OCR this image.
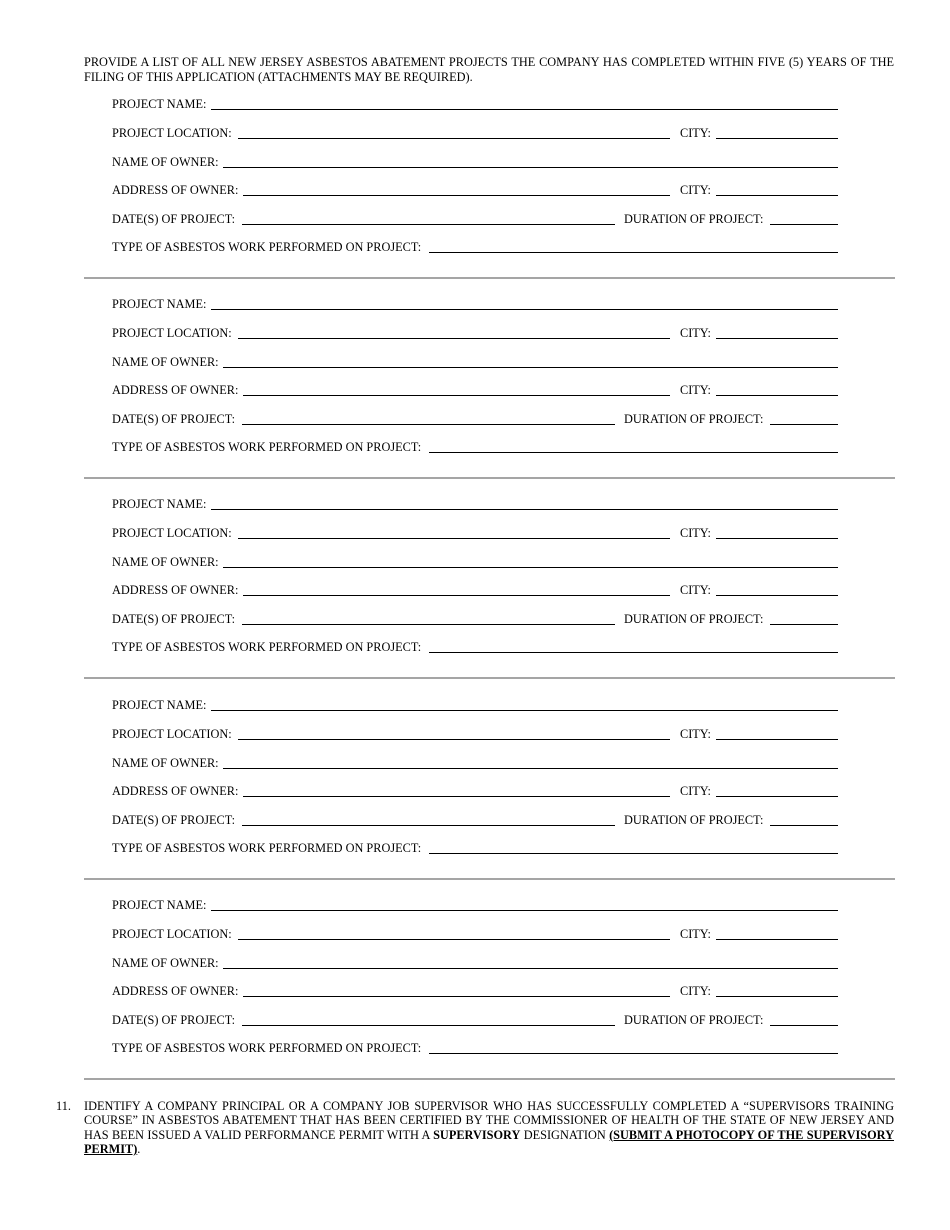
PROVIDE A LIST OF ALL NEW JERSEY ASBESTOS ABATEMENT PROJECTS THE COMPANY HAS COMPLETED WITHIN FIVE (5) YEARS OF THE FILING OF THIS APPLICATION (ATTACHMENTS MAY BE REQUIRED).
PROJECT NAME:
PROJECT LOCATION:	CITY:
NAME OF OWNER:
ADDRESS OF OWNER:	CITY:
DATE(S) OF PROJECT:	DURATION OF PROJECT:
TYPE OF ASBESTOS WORK PERFORMED ON PROJECT:
PROJECT NAME:
PROJECT LOCATION:	CITY:
NAME OF OWNER:
ADDRESS OF OWNER:	CITY:
DATE(S) OF PROJECT:	DURATION OF PROJECT:
TYPE OF ASBESTOS WORK PERFORMED ON PROJECT:
PROJECT NAME:
PROJECT LOCATION:	CITY:
NAME OF OWNER:
ADDRESS OF OWNER:	CITY:
DATE(S) OF PROJECT:	DURATION OF PROJECT:
TYPE OF ASBESTOS WORK PERFORMED ON PROJECT:
PROJECT NAME:
PROJECT LOCATION:	CITY:
NAME OF OWNER:
ADDRESS OF OWNER:	CITY:
DATE(S) OF PROJECT:	DURATION OF PROJECT:
TYPE OF ASBESTOS WORK PERFORMED ON PROJECT:
PROJECT NAME:
PROJECT LOCATION:	CITY:
NAME OF OWNER:
ADDRESS OF OWNER:	CITY:
DATE(S) OF PROJECT:	DURATION OF PROJECT:
TYPE OF ASBESTOS WORK PERFORMED ON PROJECT:
11. IDENTIFY A COMPANY PRINCIPAL OR A COMPANY JOB SUPERVISOR WHO HAS SUCCESSFULLY COMPLETED A “SUPERVISORS TRAINING COURSE” IN ASBESTOS ABATEMENT THAT HAS BEEN CERTIFIED BY THE COMMISSIONER OF HEALTH OF THE STATE OF NEW JERSEY AND HAS BEEN ISSUED A VALID PERFORMANCE PERMIT WITH A SUPERVISORY DESIGNATION (SUBMIT A PHOTOCOPY OF THE SUPERVISORY PERMIT).
